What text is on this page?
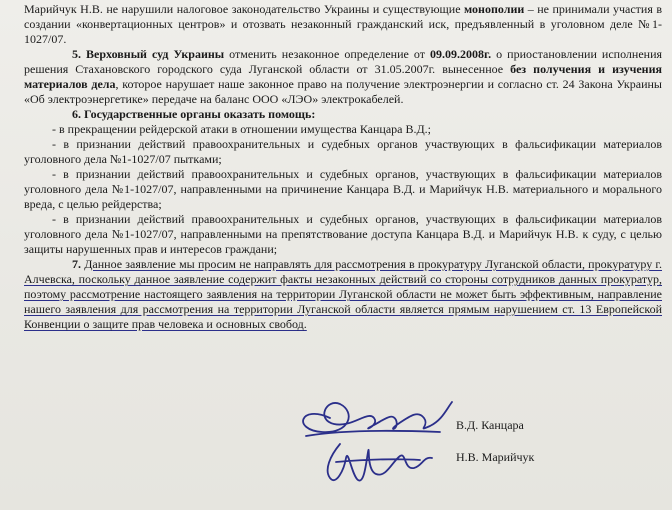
Марийчук Н.В. не нарушили налоговое законодательство Украины и существующие монополии – не принимали участия в создании «конвертационных центров» и отозвать незаконный гражданский иск, предъявленный в уголовном деле №1-1027/07.

5. Верховный суд Украины отменить незаконное определение от 09.09.2008г. о приостановлении исполнения решения Стахановского городского суда Луганской области от 31.05.2007г. вынесенное без получения и изучения материалов дела, которое нарушает наше законное право на получение электроэнергии и согласно ст. 24 Закона Украины «Об электроэнергетике» передаче на баланс ООО «ЛЭО» электрокабелей.

6. Государственные органы оказать помощь:

- в прекращении рейдерской атаки в отношении имущества Канцара В.Д.;

- в признании действий правоохранительных и судебных органов участвующих в фальсификации материалов уголовного дела №1-1027/07 пытками;

- в признании действий правоохранительных и судебных органов, участвующих в фальсификации материалов уголовного дела №1-1027/07, направленными на причинение Канцара В.Д. и Марийчук Н.В. материального и морального вреда, с целью рейдерства;

- в признании действий правоохранительных и судебных органов, участвующих в фальсификации материалов уголовного дела №1-1027/07, направленными на препятствование доступа Канцара В.Д. и Марийчук Н.В. к суду, с целью защиты нарушенных прав и интересов граждани;

7. Данное заявление мы просим не направлять для рассмотрения в прокуратуру Луганской области, прокуратуру г. Алчевска, поскольку данное заявление содержит факты незаконных действий со стороны сотрудников данных прокуратур, поэтому рассмотрение настоящего заявления на территории Луганской области не может быть эффективным, направление нашего заявления для рассмотрения на территории Луганской области является прямым нарушением ст. 13 Европейской Конвенции о защите прав человека и основных свобод.

В.Д. Канцара
Н.В. Марийчук
